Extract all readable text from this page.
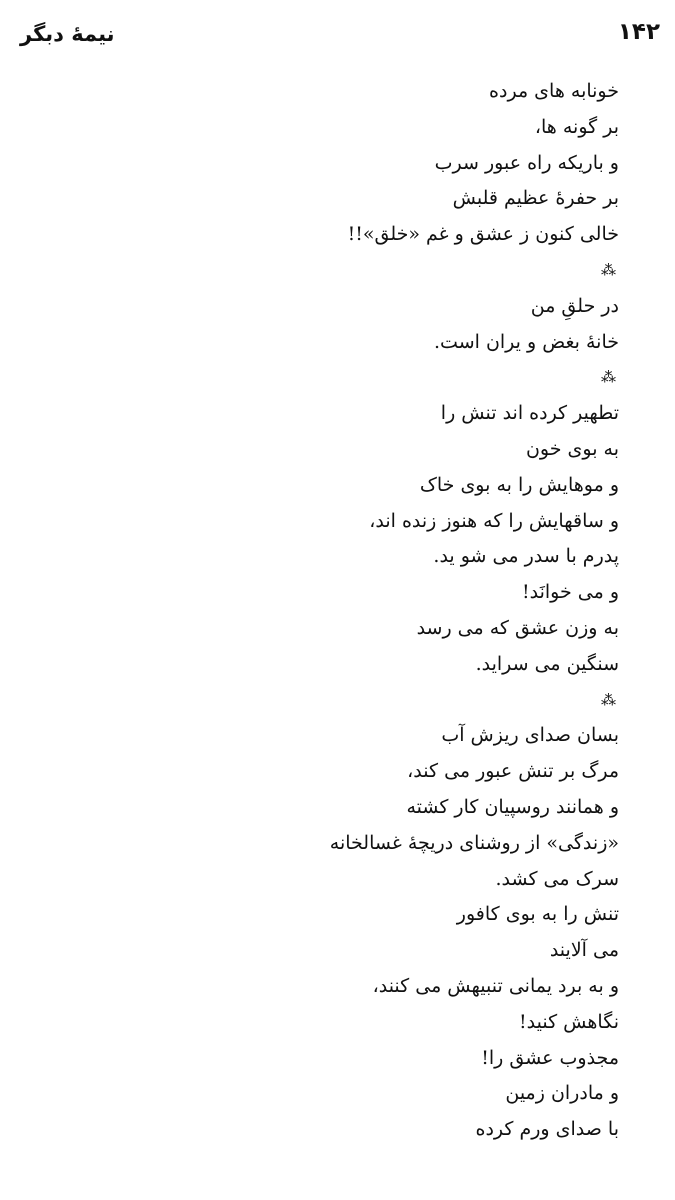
نيمهٔ دبگر	۱۴۲
خونابه های مرده
بر گونه ها،
و باریکه راه عبور سرب
بر حفرهٔ عظیم قلبش
خالی کنون ز عشق و غم «خلق»!!
⁂
در حلقِ من
خانهٔ بغض و یران است.
⁂
تطهیر کرده اند تنش را
به بوی خون
و موهایش را به بوی خاک
و ساقهایش را که هنوز زنده اند،
پدرم با سدر می شو ید.
و می خوانَد!
به وزن عشق که می رسد
سنگین می سراید.
⁂
بسان صدای ریزش آب
مرگ بر تنش عبور می کند،
و همانند روسپیان کار کشته
«زندگی» از روشنای دریچهٔ غسالخانه
سرک می کشد.
تنش را به بوی کافور
می آلایند
و به برد یمانی تنبیهش می کنند،
نگاهش کنید!
مجذوب عشق را!
و مادران زمین
با صدای ورم کرده
